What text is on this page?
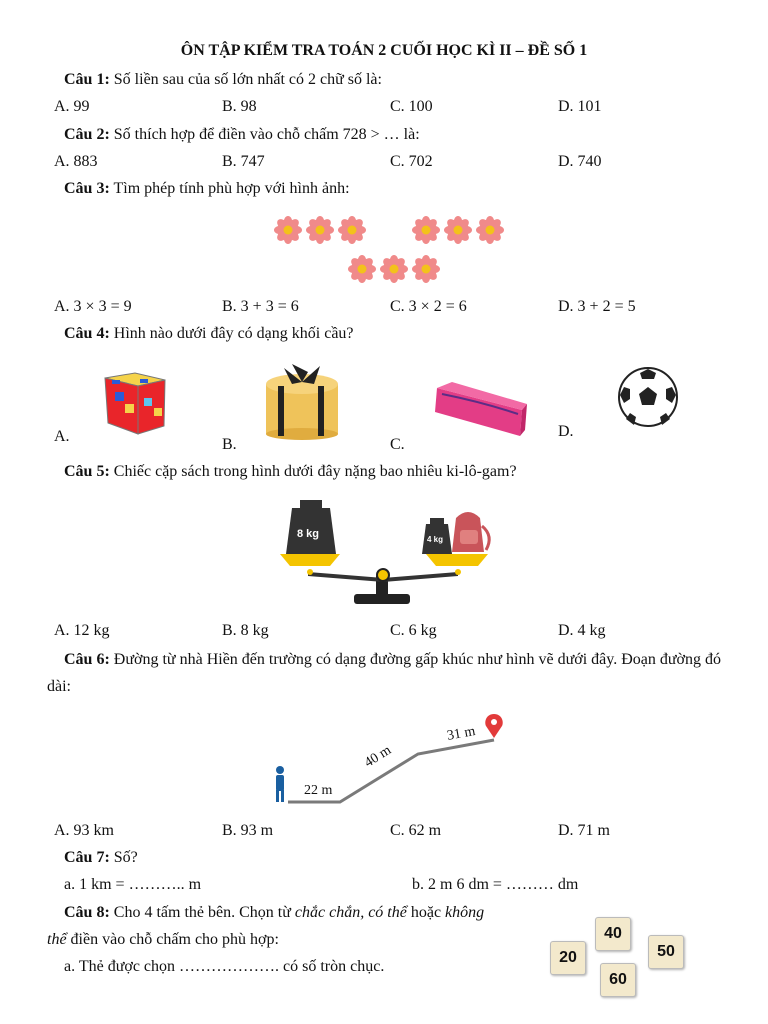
ÔN TẬP KIỂM TRA TOÁN 2 CUỐI HỌC KÌ II – ĐỀ SỐ 1
Câu 1: Số liền sau của số lớn nhất có 2 chữ số là:
A. 99	B. 98	C. 100	D. 101
Câu 2: Số thích hợp để điền vào chỗ chấm 728 > … là:
A. 883	B. 747	C. 702	D. 740
Câu 3: Tìm phép tính phù hợp với hình ảnh:
A. 3 × 3 = 9	B. 3 + 3 = 6	C. 3 × 2 = 6	D. 3 + 2 = 5
Câu 4: Hình nào dưới đây có dạng khối cầu?
A.	B.	C.
D.
Câu 5: Chiếc cặp sách trong hình dưới đây nặng bao nhiêu ki-lô-gam?
8 kg	4 kg
A. 12 kg	B. 8 kg	C. 6 kg	D. 4 kg
Câu 6: Đường từ nhà Hiền đến trường có dạng đường gấp khúc như hình vẽ dưới đây. Đoạn đường đó dài:
22 m
40 m
31 m
A. 93 km	B. 93 m	C. 62 m	D. 71 m
Câu 7: Số?
a. 1 km = ……….. m	b. 2 m 6 dm = ……… dm
Câu 8: Cho 4 tấm thẻ bên. Chọn từ chắc chắn, có thể hoặc không
thể điền vào chỗ chấm cho phù hợp:
a. Thẻ được chọn ………………. có số tròn chục.
40
20	50
60
